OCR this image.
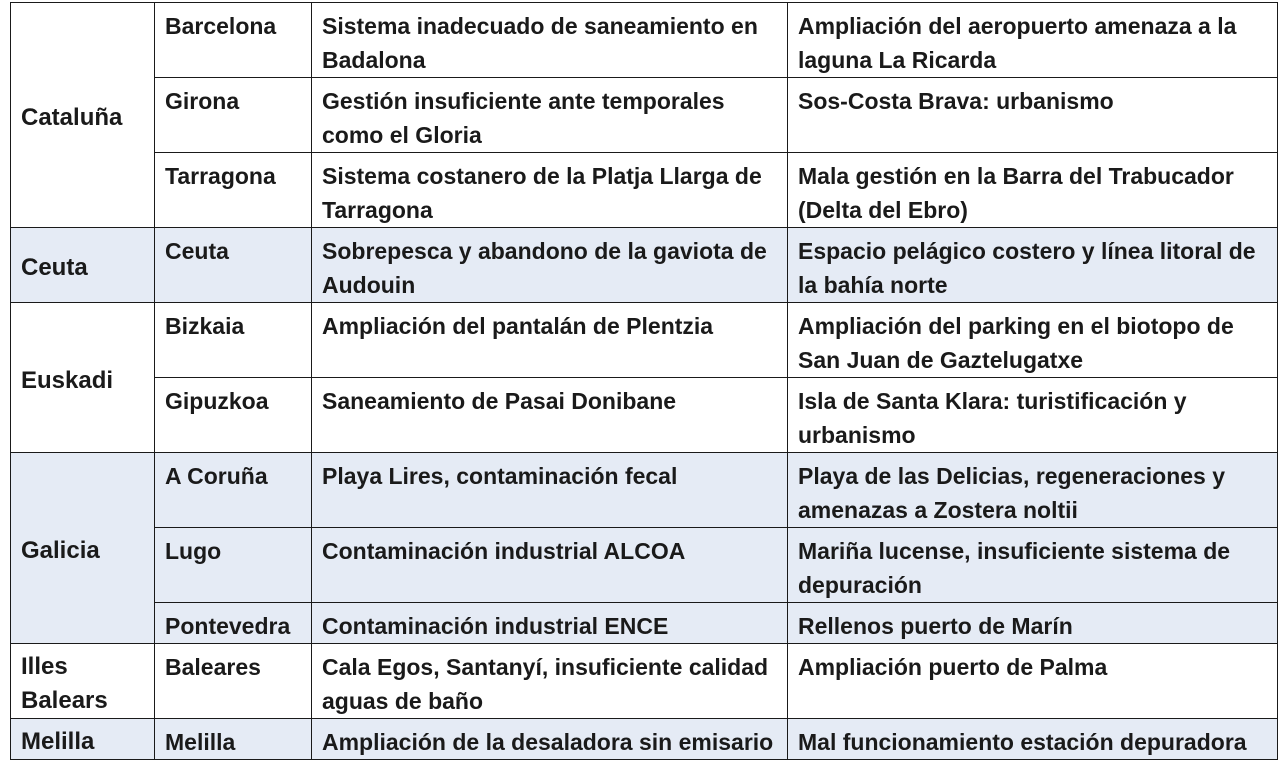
Cataluña	Barcelona	Sistema inadecuado de saneamiento en Badalona	Ampliación del aeropuerto amenaza a la laguna La Ricarda
	Girona	Gestión insuficiente ante temporales como el Gloria	Sos-Costa Brava: urbanismo
	Tarragona	Sistema costanero de la Platja Llarga de Tarragona	Mala gestión en la Barra del Trabucador (Delta del Ebro)
Ceuta	Ceuta	Sobrepesca y abandono de la gaviota de Audouin	Espacio pelágico costero y línea litoral de la bahía norte
Euskadi	Bizkaia	Ampliación del pantalán de Plentzia	Ampliación del parking en el biotopo de San Juan de Gaztelugatxe
	Gipuzkoa	Saneamiento de Pasai Donibane	Isla de Santa Klara: turistificación y urbanismo
Galicia	A Coruña	Playa Lires, contaminación fecal	Playa de las Delicias, regeneraciones y amenazas a Zostera noltii
	Lugo	Contaminación industrial ALCOA	Mariña lucense, insuficiente sistema de depuración
	Pontevedra	Contaminación industrial ENCE	Rellenos puerto de Marín
Illes Balears	Baleares	Cala Egos, Santanyí, insuficiente calidad aguas de baño	Ampliación puerto de Palma
Melilla	Melilla	Ampliación de la desaladora sin emisario	Mal funcionamiento estación depuradora
